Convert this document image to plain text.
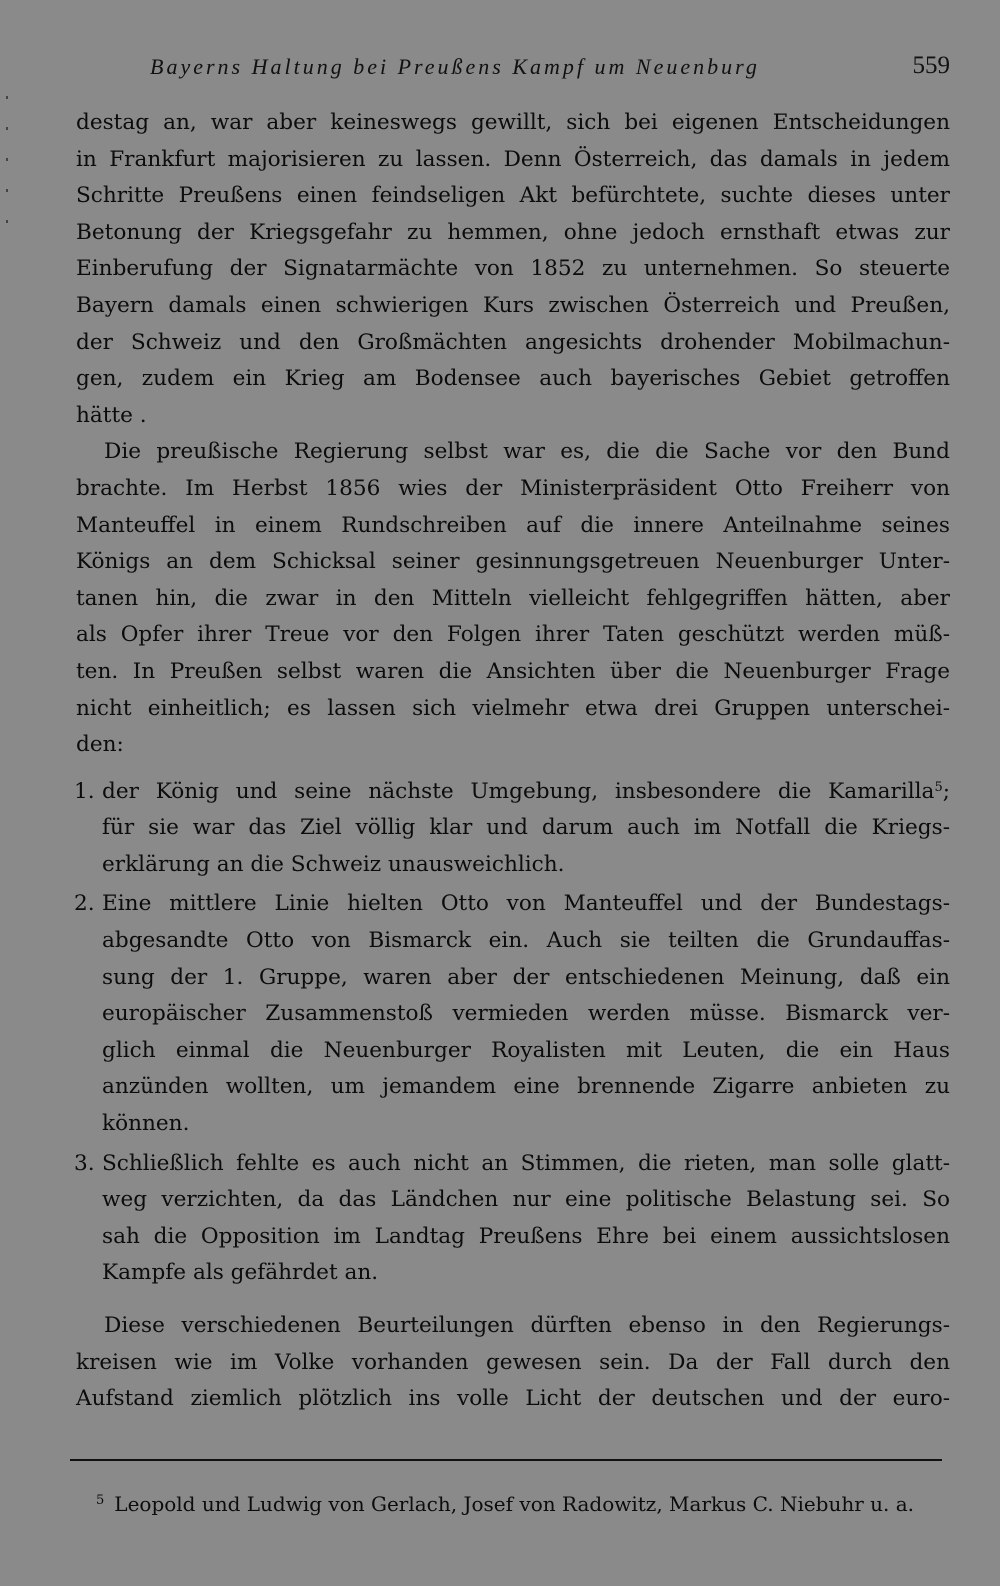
Bayerns Haltung bei Preußens Kampf um Neuenburg	559
destag an, war aber keineswegs gewillt, sich bei eigenen Entscheidungen
in Frankfurt majorisieren zu lassen. Denn Österreich, das damals in jedem
Schritte Preußens einen feindseligen Akt befürchtete, suchte dieses unter
Betonung der Kriegsgefahr zu hemmen, ohne jedoch ernsthaft etwas zur
Einberufung der Signatarmächte von 1852 zu unternehmen. So steuerte
Bayern damals einen schwierigen Kurs zwischen Österreich und Preußen,
der Schweiz und den Großmächten angesichts drohender Mobilmachun-
gen, zudem ein Krieg am Bodensee auch bayerisches Gebiet getroffen
hätte .
Die preußische Regierung selbst war es, die die Sache vor den Bund
brachte. Im Herbst 1856 wies der Ministerpräsident Otto Freiherr von
Manteuffel in einem Rundschreiben auf die innere Anteilnahme seines
Königs an dem Schicksal seiner gesinnungsgetreuen Neuenburger Unter-
tanen hin, die zwar in den Mitteln vielleicht fehlgegriffen hätten, aber
als Opfer ihrer Treue vor den Folgen ihrer Taten geschützt werden müß-
ten. In Preußen selbst waren die Ansichten über die Neuenburger Frage
nicht einheitlich; es lassen sich vielmehr etwa drei Gruppen unterschei-
den:
1. der König und seine nächste Umgebung, insbesondere die Kamarilla$^5$;
für sie war das Ziel völlig klar und darum auch im Notfall die Kriegs-
erklärung an die Schweiz unausweichlich.
2. Eine mittlere Linie hielten Otto von Manteuffel und der Bundestags-
abgesandte Otto von Bismarck ein. Auch sie teilten die Grundauffas-
sung der 1. Gruppe, waren aber der entschiedenen Meinung, daß ein
europäischer Zusammenstoß vermieden werden müsse. Bismarck ver-
glich einmal die Neuenburger Royalisten mit Leuten, die ein Haus
anzünden wollten, um jemandem eine brennende Zigarre anbieten zu
können.
3. Schließlich fehlte es auch nicht an Stimmen, die rieten, man solle glatt-
weg verzichten, da das Ländchen nur eine politische Belastung sei. So
sah die Opposition im Landtag Preußens Ehre bei einem aussichtslosen
Kampfe als gefährdet an.
Diese verschiedenen Beurteilungen dürften ebenso in den Regierungs-
kreisen wie im Volke vorhanden gewesen sein. Da der Fall durch den
Aufstand ziemlich plötzlich ins volle Licht der deutschen und der euro-
$^5$ Leopold und Ludwig von Gerlach, Josef von Radowitz, Markus C. Niebuhr u. a.
